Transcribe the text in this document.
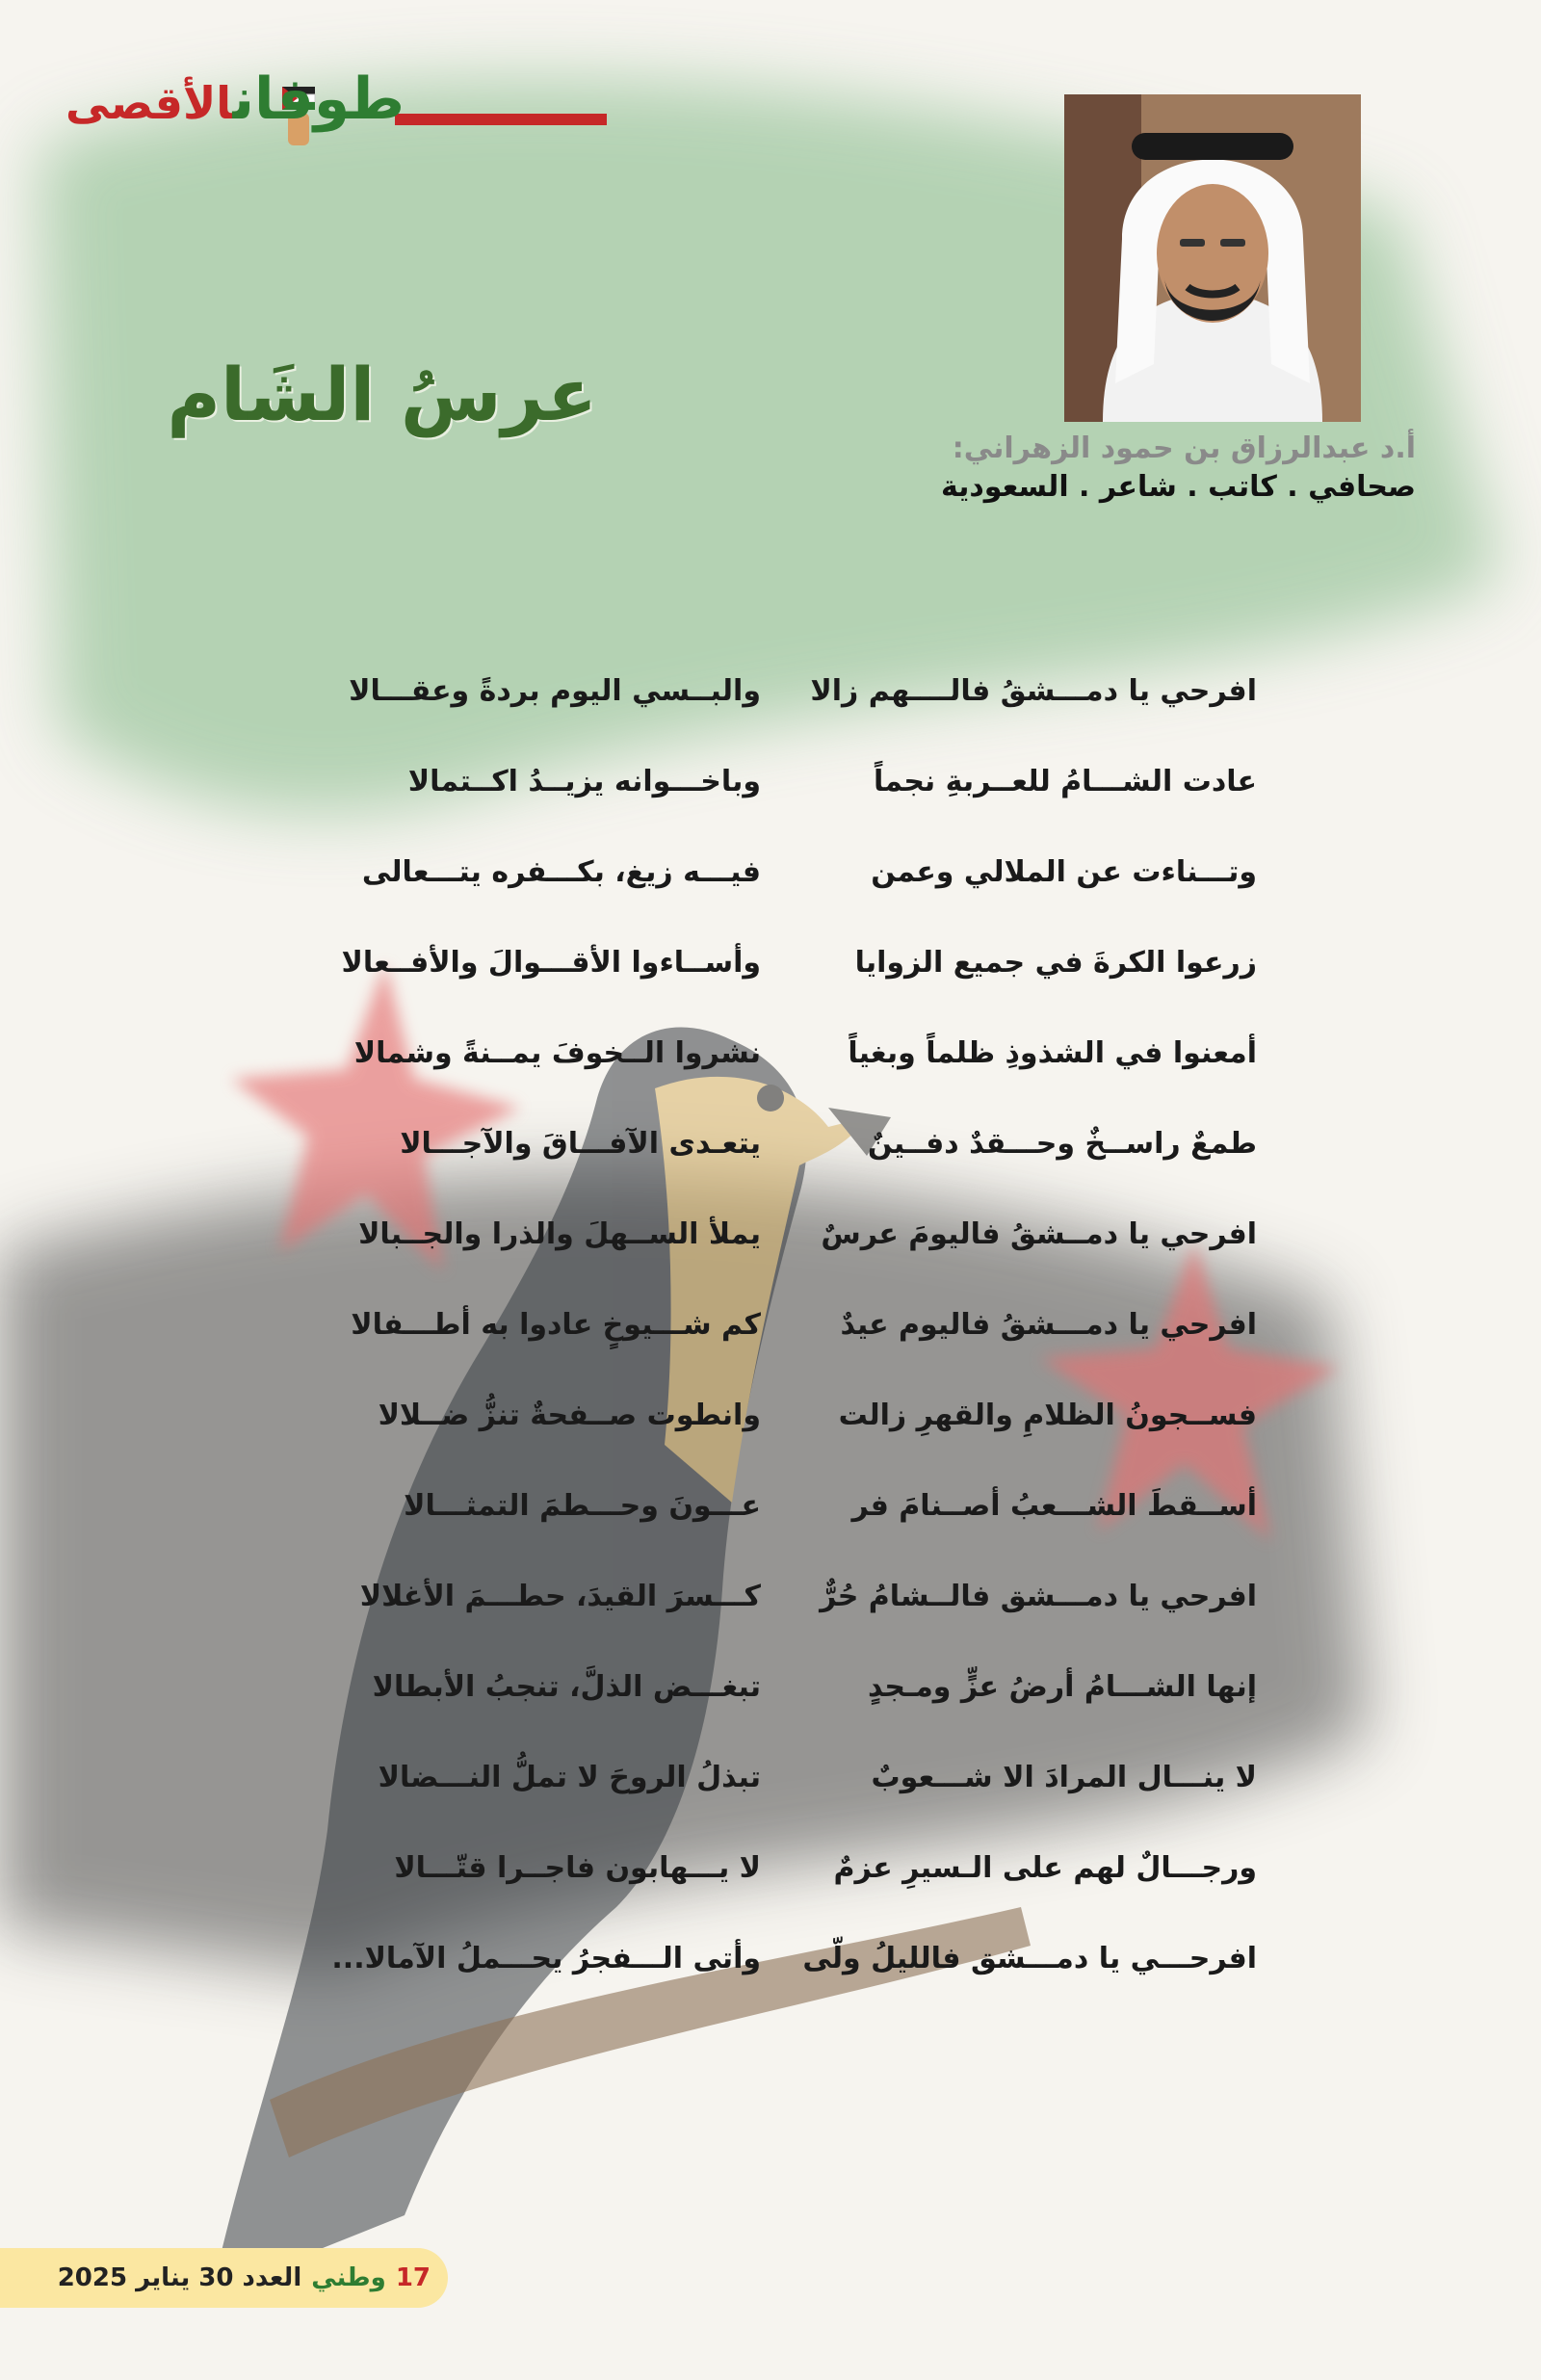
طوفانالأقصى
أ.د عبدالرزاق بن حمود الزهراني:
صحافي . كاتب . شاعر . السعودية
عرسُ الشَام
افرحي يا دمـــشقُ فالــــهم زالا
والبــسي اليوم بردةً وعقـــالا
عادت الشـــامُ للعــربةِ نجماً
وباخـــوانه يزيــدُ اكــتمالا
وتـــناءت عن الملالي وعمن
فيـــه زيغ، بكـــفره يتـــعالى
زرعوا الكرةَ في جميع الزوايا
وأســاءوا الأقـــوالَ والأفــعالا
أمعنوا في الشذوذِ ظلماً وبغياً
نشروا الــخوفَ يمــنةً وشمالا
طمعٌ راســخٌ وحـــقدٌ دفــينٌ
يتعـدى الآفـــاقَ والآجـــالا
افرحي يا دمــشقُ فاليومَ عرسٌ
يملأ الســهلَ والذرا والجــبالا
افرحي يا دمـــشقُ فاليوم عيدٌ
كم شـــيوخٍ عادوا به أطـــفالا
فســجونُ الظلامِ والقهرِ زالت
وانطوت صــفحةٌ تنزُّ ضــلالا
أســقطَ الشـــعبُ أصــنامَ فر
عـــونَ وحـــطمَ التمثـــالا
افرحي يا دمـــشق فالــشامُ حُرٌّ
كـــسرَ القيدَ، حطـــمَ الأغلالا
إنها الشـــامُ أرضُ عزٍّ ومـجدٍ
تبغـــض الذلَّ، تنجبُ الأبطالا
لا ينـــال المرادَ الا شـــعوبٌ
تبذلُ الروحَ لا تملُّ النـــضالا
ورجـــالٌ لهم على الـسيرِ عزمٌ
لا يـــهابون فاجــرا قتّـــالا
افرحـــي يا دمـــشق فالليلُ ولّى
وأتى الـــفجرُ يحـــملُ الآمالا...
17
وطني
العدد 30 يناير 2025
